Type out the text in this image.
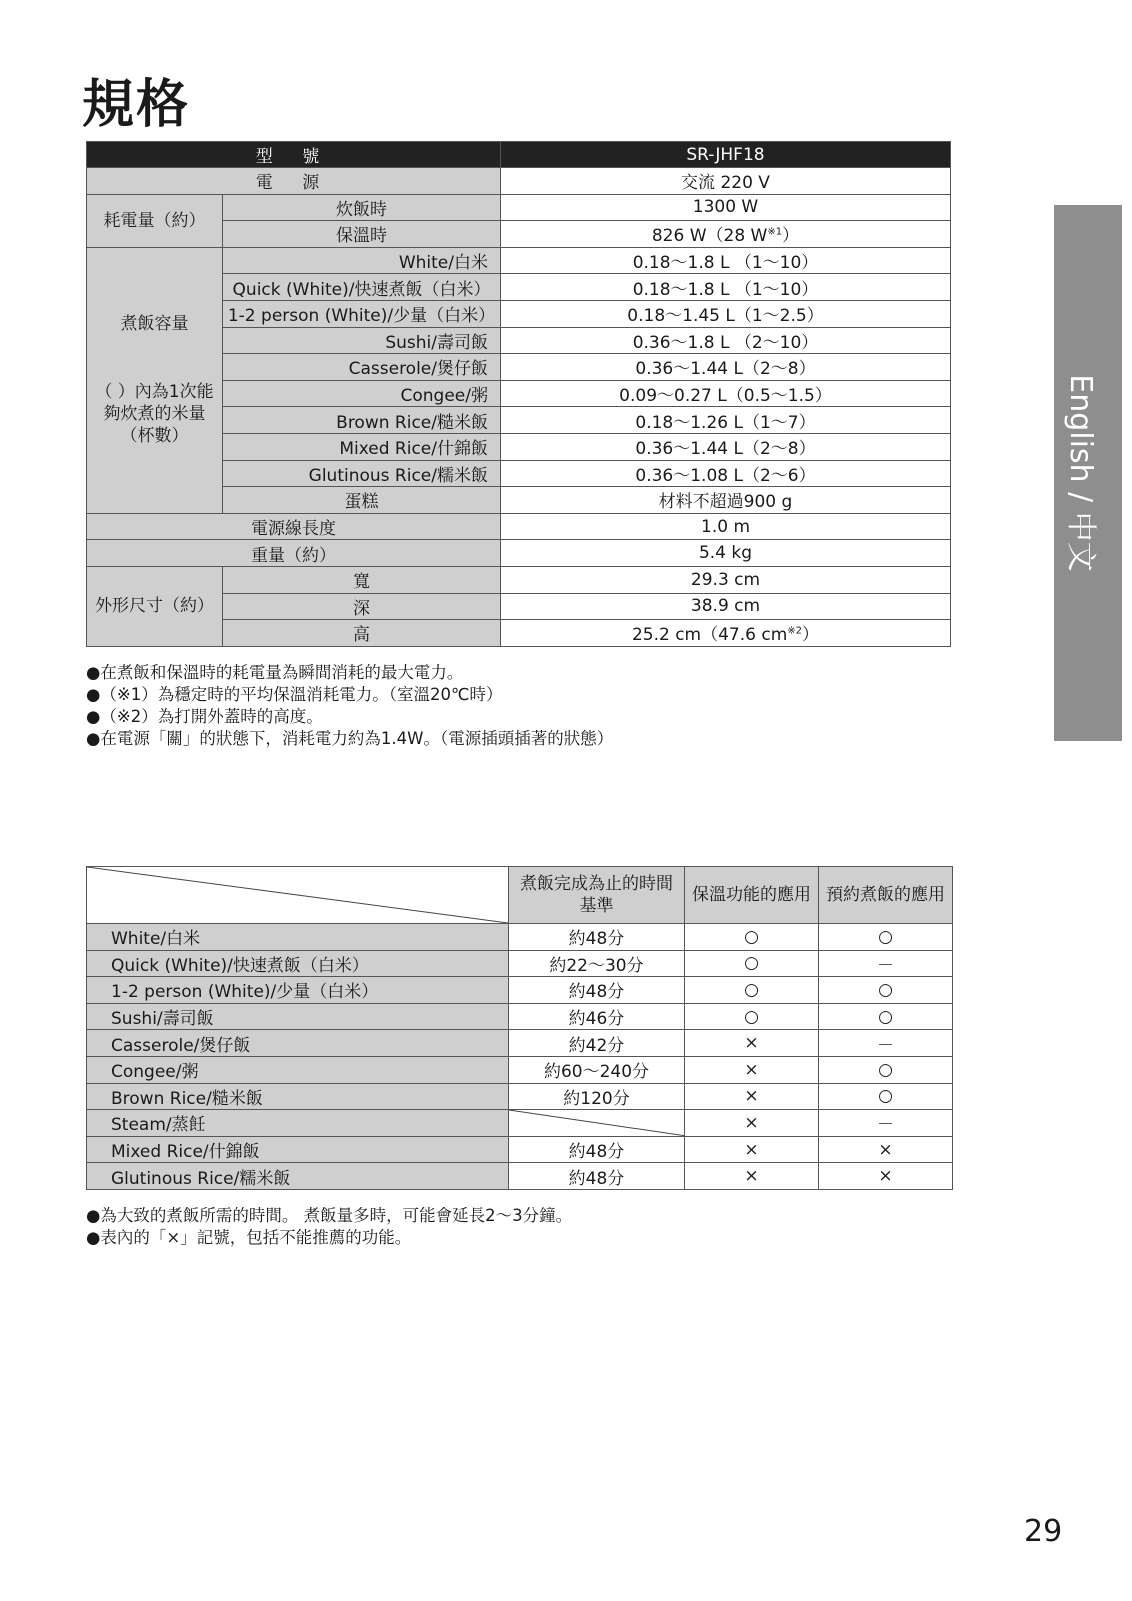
規格
型 號		SR-JHF18
電 源		交流 220 V
耗電量（約）	炊飯時	1300 W
	保溫時	826 W（28 $W^{※1}$）

煮飯容量
（ ）內為1次能夠炊煮的米量（杯數）	White/白米	0.18～1.8 L （1～10）
	Quick (White)/快速煮飯（白米）	0.18～1.8 L （1～10）
	1-2 person (White)/少量（白米）	0.18～1.45 L（1～2.5）
	Sushi/壽司飯	0.36～1.8 L （2～10）
	Casserole/煲仔飯	0.36～1.44 L（2～8）
	Congee/粥	0.09～0.27 L（0.5～1.5）
	Brown Rice/糙米飯	0.18～1.26 L（1～7）
	Mixed Rice/什錦飯	0.36～1.44 L（2～8）
	Glutinous Rice/糯米飯	0.36～1.08 L（2～6）
	蛋糕	材料不超過900 g
電源線長度		1.0 m
重量（約）		5.4 kg
外形尺寸（約）	寬	29.3 cm
	深	38.9 cm
	高	25.2 cm（47.6 $cm^{※2}$）
●在煮飯和保溫時的耗電量為瞬間消耗的最大電力。
●（※1）為穩定時的平均保溫消耗電力。（室溫20℃時）
●（※2）為打開外蓋時的高度。
●在電源「關」的狀態下，消耗電力約為1.4W。（電源插頭插著的狀態）
	煮飯完成為止的時間基準	保溫功能的應用	預約煮飯的應用
White/白米	約48分	○	○
Quick (White)/快速煮飯（白米）	約22～30分	○	－
1-2 person (White)/少量（白米）	約48分	○	○
Sushi/壽司飯	約46分	○	○
Casserole/煲仔飯	約42分	×	－
Congee/粥	約60～240分	×	○
Brown Rice/糙米飯	約120分	×	○
Steam/蒸飪		×	－
Mixed Rice/什錦飯	約48分	×	×
Glutinous Rice/糯米飯	約48分	×	×
●為大致的煮飯所需的時間。 煮飯量多時，可能會延長2～3分鐘。
●表內的「×」記號，包括不能推薦的功能。
English / 中文
29
